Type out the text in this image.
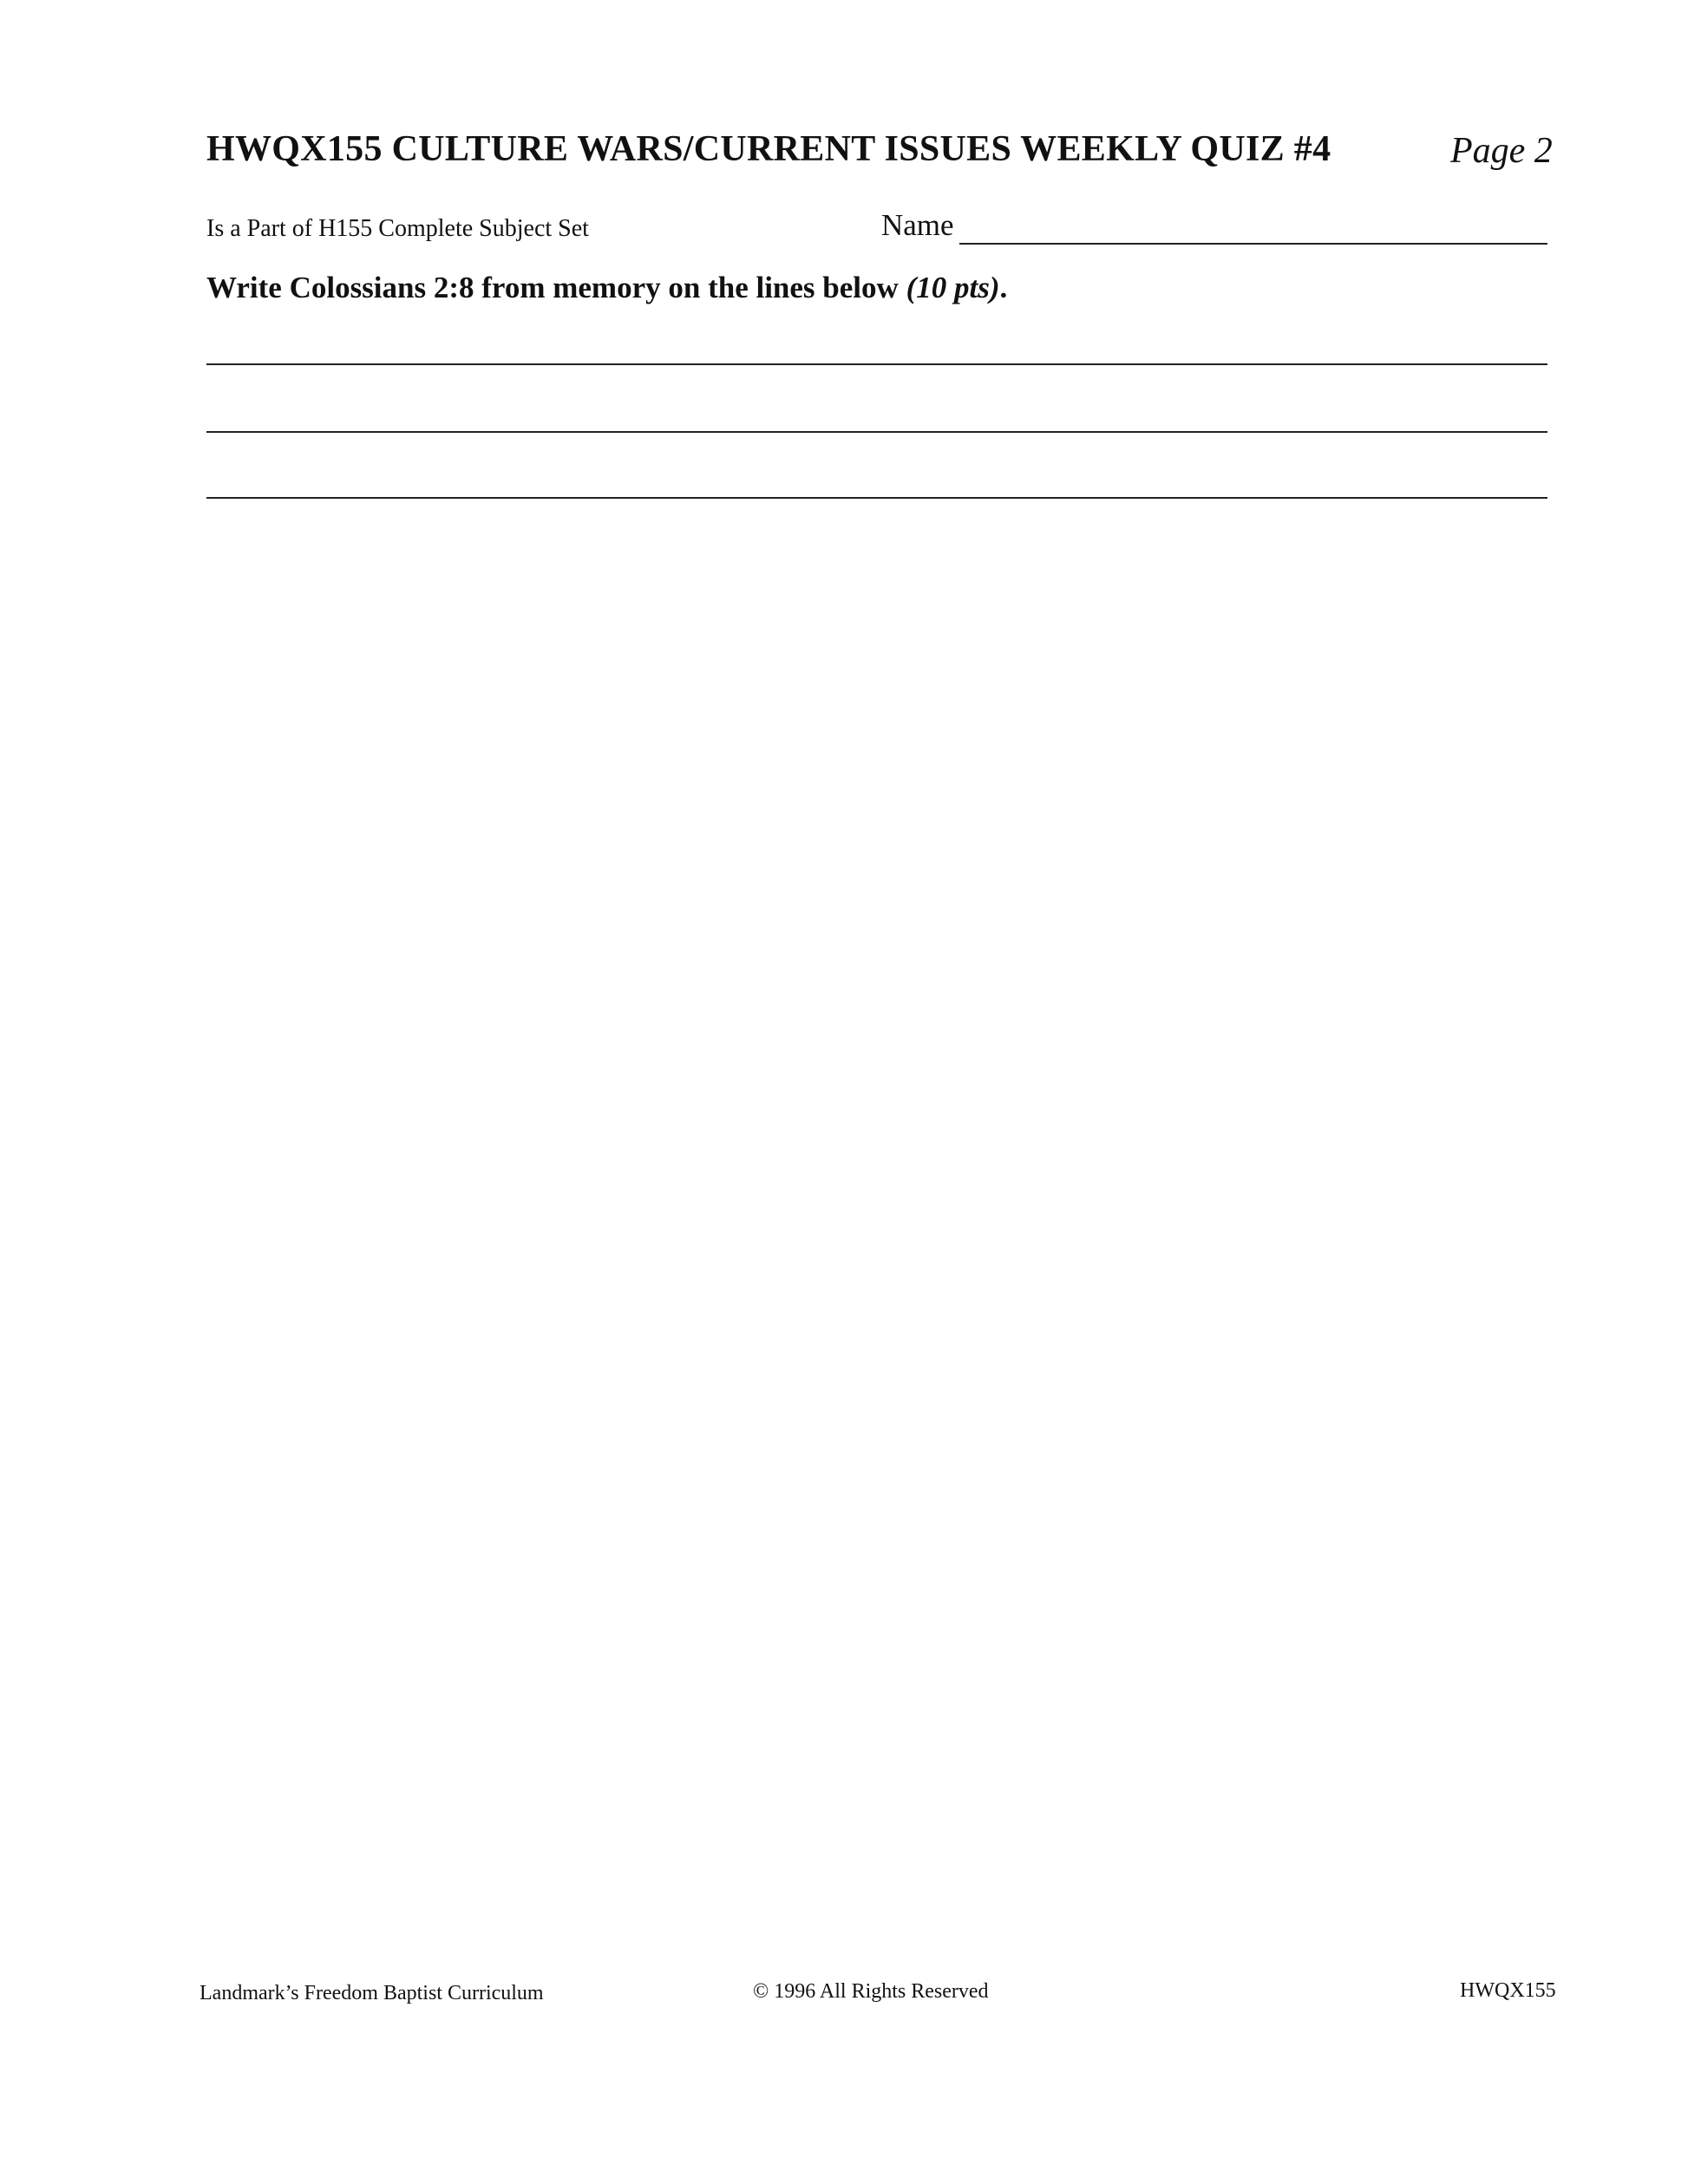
HWQX155 CULTURE WARS/CURRENT ISSUES WEEKLY QUIZ #4	Page 2
Is a Part of H155 Complete Subject Set	Name
Write Colossians 2:8 from memory on the lines below (10 pts).
Landmark’s Freedom Baptist Curriculum	© 1996 All Rights Reserved	HWQX155
